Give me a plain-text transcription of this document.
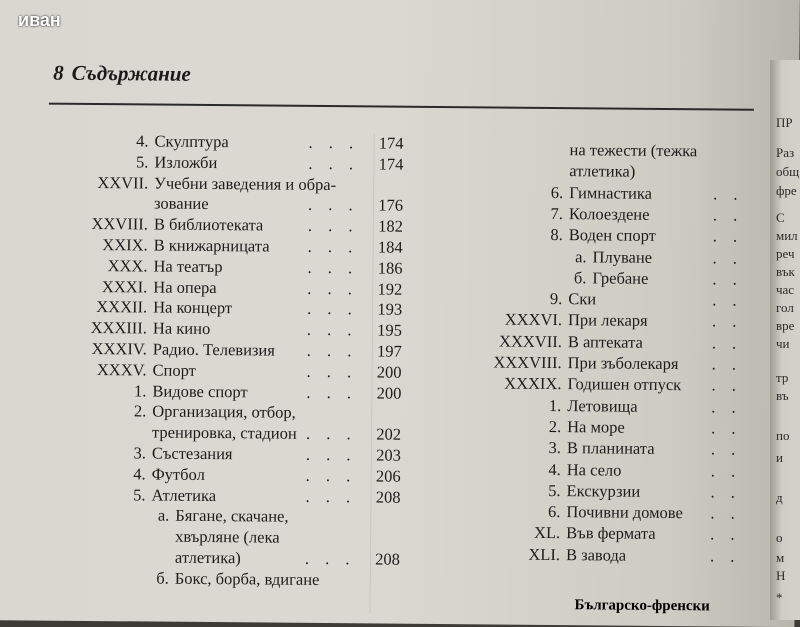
8 Съдържание
4. Скулптура	174
5. Изложби	174
XXVII. Учебни заведения и обра-
зование	176
XXVIII. В библиотеката	182
XXIX. В книжарницата	184
XXX. На театър	186
XXXI. На опера	192
XXXII. На концерт	193
XXXIII. На кино	195
XXXIV. Радио. Телевизия	197
XXXV. Спорт	200
1. Видове спорт	200
2. Организация, отбор,
тренировка, стадион	202
3. Състезания	203
4. Футбол	206
5. Атлетика	208
а. Бягане, скачане,
хвърляне (лека
атлетика)	208
б. Бокс, борба, вдигане
. . .
. . .
. . .
. . .
. . .
. . .
. . .
. . .
. . .
. . .
. . .
. . .
. . .
. . .
. . .
. . .
. . .
на тежести (тежка
атлетика)
6. Гимнастика
7. Колоездене
8. Воден спорт
а. Плуване
б. Гребане
9. Ски
XXXVI. При лекаря
XXXVII. В аптеката
XXXVIII. При зъболекаря
XXXIX. Годишен отпуск
1. Летовища
2. На море
3. В планината
4. На село
5. Екскурзии
6. Почивни домове
XL. Във фермата
XLI. В завода
. .
. .
. .
. .
. .
. .
. .
. .
. .
. .
. .
. .
. .
. .
. .
. .
. .
. .
Българско-френски
ПР
Раз
общ
фре
С
мил
реч
вък
час
гол
вре
чи
тр
въ
по
и
д
о
м
Н
*
иван
